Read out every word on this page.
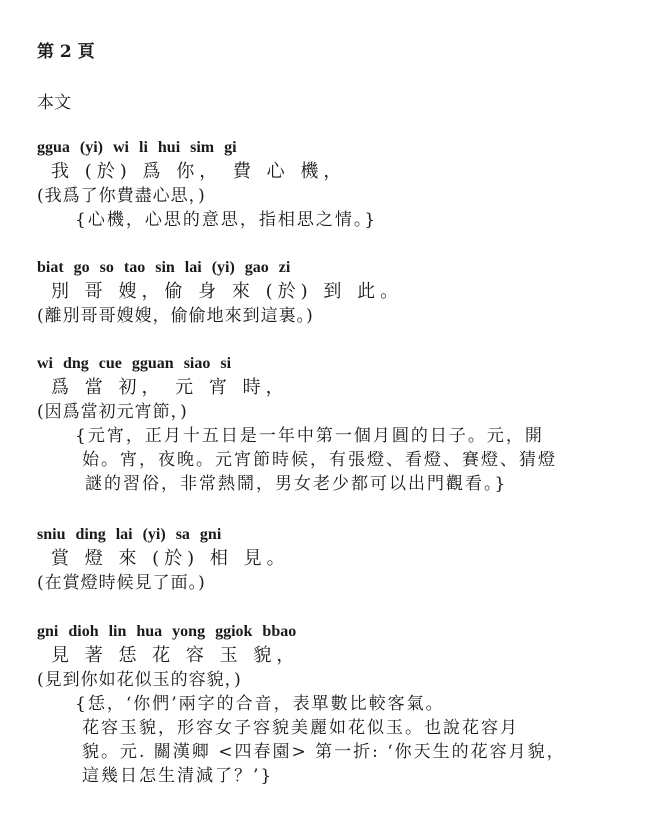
第 2 頁
本文
ggua (yi) wi li hui sim gi
我 (於) 爲 你， 費 心 機，
(我爲了你費盡心思，)
{心機，心思的意思，指相思之情。}
biat go so tao sin lai (yi) gao zi
別 哥 嫂，偷 身 來 (於) 到 此。
(離別哥哥嫂嫂，偷偷地來到這裏。)
wi dng cue gguan siao si
爲 當 初， 元 宵 時，
(因爲當初元宵節，)
{元宵，正月十五日是一年中第一個月圓的日子。元，開
始。宵，夜晚。元宵節時候，有張燈、看燈、賽燈、猜燈
謎的習俗，非常熱鬧，男女老少都可以出門觀看。}
sniu ding lai (yi) sa gni
賞 燈 來 (於) 相 見。
(在賞燈時候見了面。)
gni dioh lin hua yong ggiok bbao
見 著 恁 花 容 玉 貌，
(見到你如花似玉的容貌，)
{恁，‘你們’兩字的合音，表單數比較客氣。
花容玉貌，形容女子容貌美麗如花似玉。也說花容月
貌。元. 關漢卿 <四春園> 第一折: ‘你天生的花容月貌，
這幾日怎生清減了？’}
